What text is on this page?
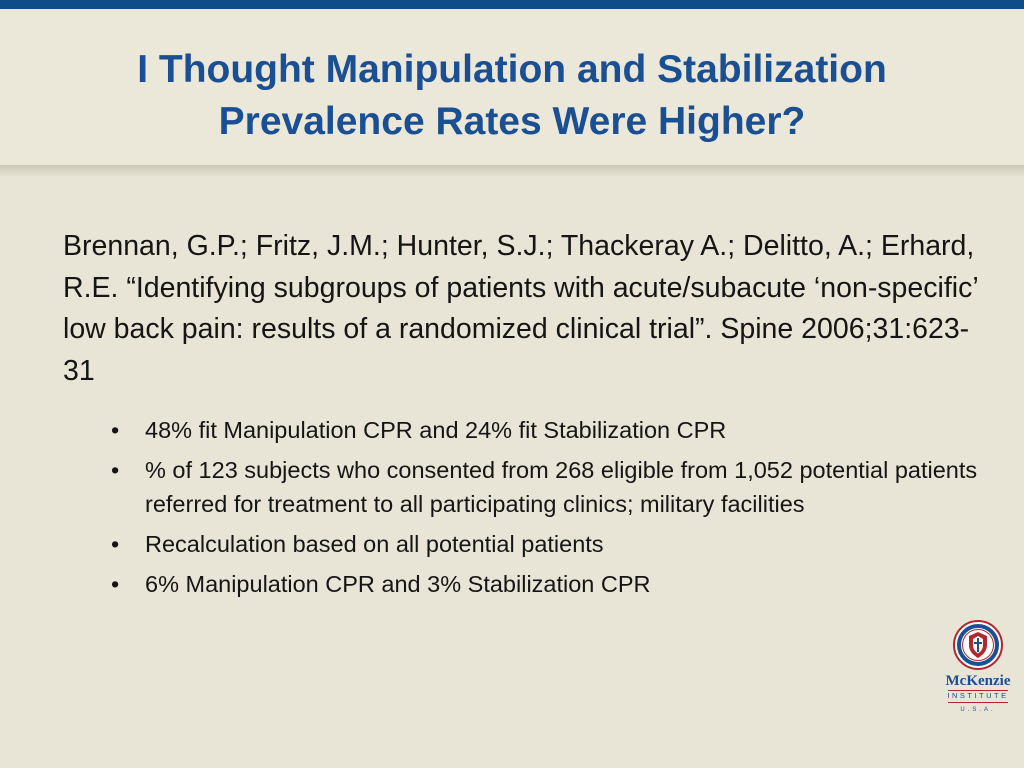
I Thought Manipulation and Stabilization
Prevalence Rates Were Higher?

Brennan, G.P.; Fritz, J.M.; Hunter, S.J.; Thackeray A.; Delitto, A.; Erhard, R.E. “Identifying subgroups of patients with acute/subacute ‘non-specific’ low back pain: results of a randomized clinical trial”. Spine 2006;31:623-31

• 48% fit Manipulation CPR and 24% fit Stabilization CPR
• % of 123 subjects who consented from 268 eligible from 1,052 potential patients referred for treatment to all participating clinics; military facilities
• Recalculation based on all potential patients
• 6% Manipulation CPR and 3% Stabilization CPR
McKenzie
INSTITUTE
U.S.A.
